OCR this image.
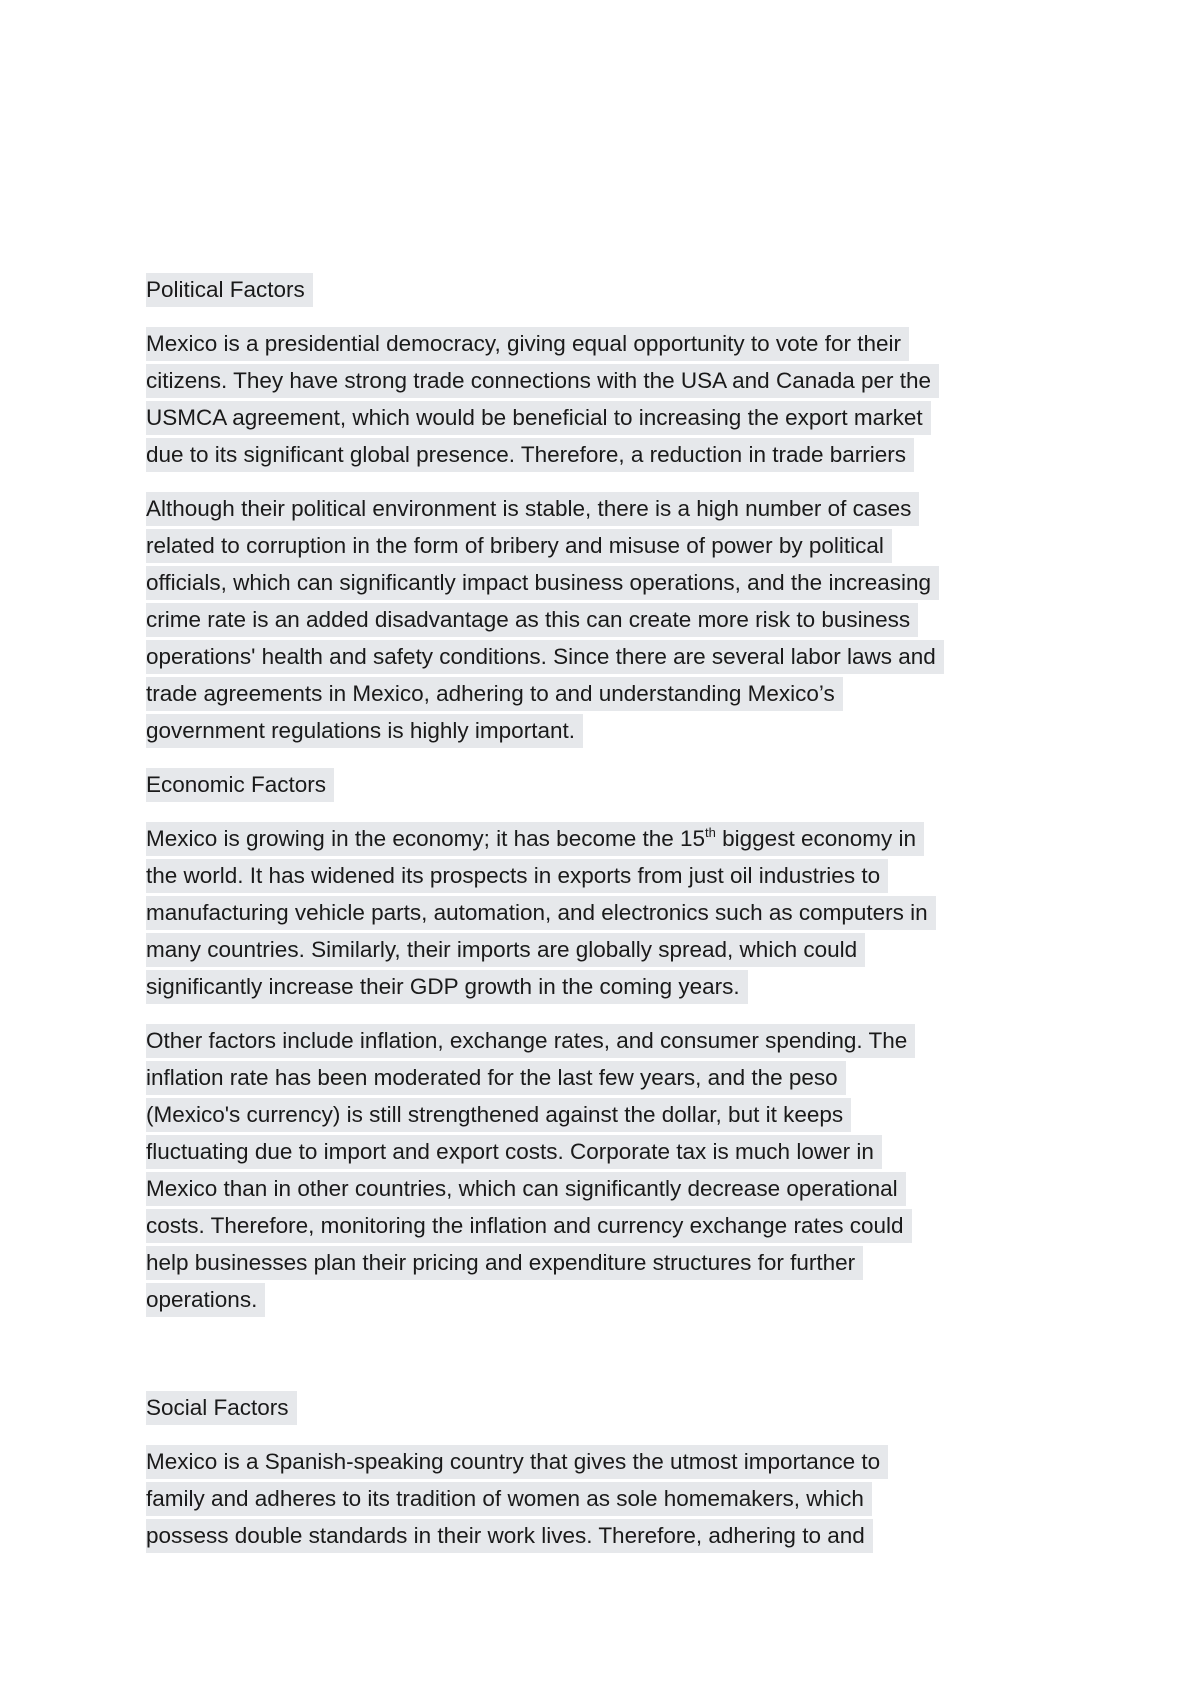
Political Factors
Mexico is a presidential democracy, giving equal opportunity to vote for their
citizens. They have strong trade connections with the USA and Canada per the
USMCA agreement, which would be beneficial to increasing the export market
due to its significant global presence. Therefore, a reduction in trade barriers
Although their political environment is stable, there is a high number of cases
related to corruption in the form of bribery and misuse of power by political
officials, which can significantly impact business operations, and the increasing
crime rate is an added disadvantage as this can create more risk to business
operations' health and safety conditions. Since there are several labor laws and
trade agreements in Mexico, adhering to and understanding Mexico’s
government regulations is highly important.
Economic Factors
Mexico is growing in the economy; it has become the 15th biggest economy in
the world. It has widened its prospects in exports from just oil industries to
manufacturing vehicle parts, automation, and electronics such as computers in
many countries. Similarly, their imports are globally spread, which could
significantly increase their GDP growth in the coming years.
Other factors include inflation, exchange rates, and consumer spending. The
inflation rate has been moderated for the last few years, and the peso
(Mexico's currency) is still strengthened against the dollar, but it keeps
fluctuating due to import and export costs. Corporate tax is much lower in
Mexico than in other countries, which can significantly decrease operational
costs. Therefore, monitoring the inflation and currency exchange rates could
help businesses plan their pricing and expenditure structures for further
operations.
Social Factors
Mexico is a Spanish-speaking country that gives the utmost importance to
family and adheres to its tradition of women as sole homemakers, which
possess double standards in their work lives. Therefore, adhering to and
